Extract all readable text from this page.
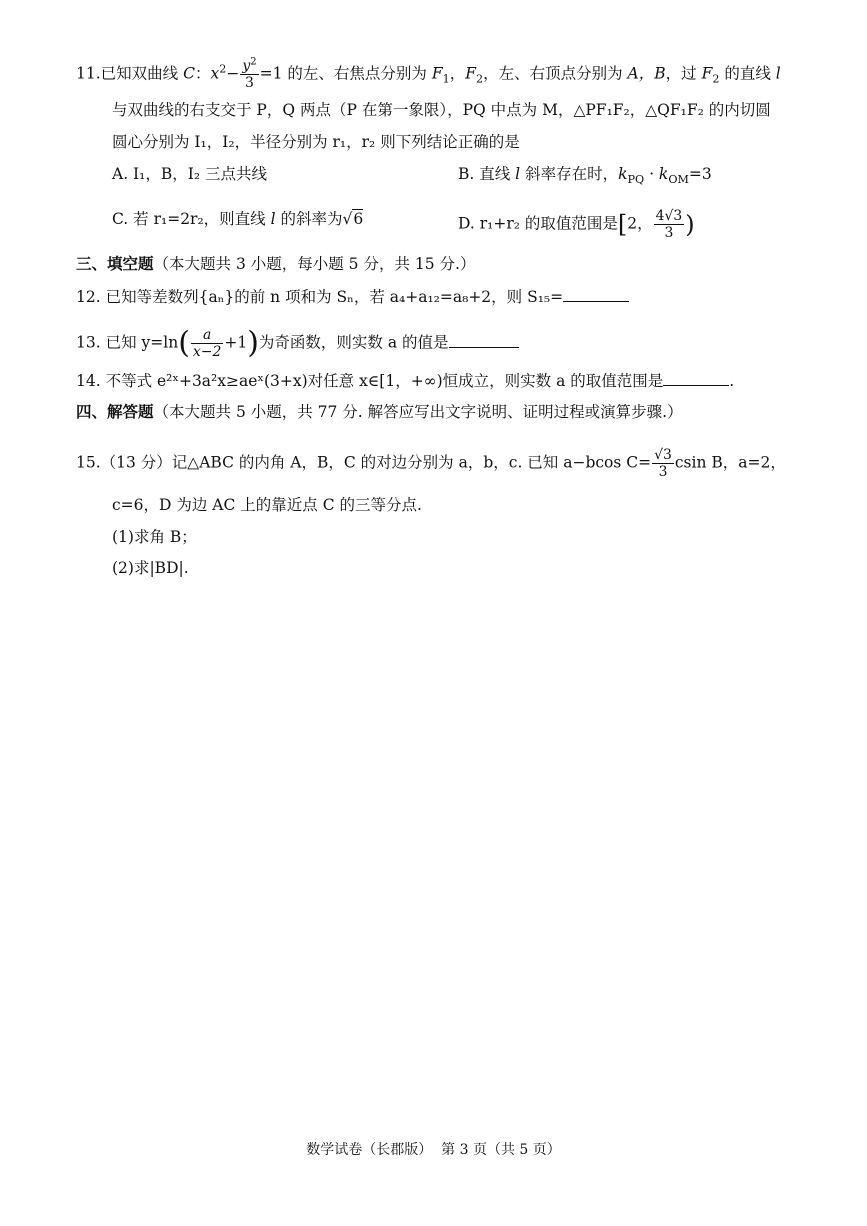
11.已知双曲线 C：$x^2- \frac{y^2}{3} =1$ 的左、右焦点分别为 $F_1$，$F_2$，左、右顶点分别为 A，B，过 $F_2$ 的直线 l
与双曲线的右支交于 P，Q 两点（P 在第一象限），PQ 中点为 M，△PF₁F₂，△QF₁F₂ 的内切圆
圆心分别为 I₁，I₂，半径分别为 r₁，r₂ 则下列结论正确的是
A. I₁，B，I₂ 三点共线	B. 直线 l 斜率存在时，$k_{PQ} \cdot k_{OM}=3$
C. 若 r₁=2r₂，则直线 l 的斜率为√6	D. r₁+r₂ 的取值范围是[2， $\frac{4√3}{3}$ )
三、填空题（本大题共 3 小题，每小题 5 分，共 15 分.）
12. 已知等差数列{aₙ}的前 n 项和为 Sₙ，若 a₄+a₁₂=a₈+2，则 S₁₅=
13. 已知 $y=\ln( \frac{a}{x-2} +1)$为奇函数，则实数 a 的值是
14. 不等式 e²ˣ+3a²x≥aeˣ(3+x)对任意 x∈[1，+∞)恒成立，则实数 a 的取值范围是	.
四、解答题（本大题共 5 小题，共 77 分. 解答应写出文字说明、证明过程或演算步骤.）
15.（13 分）记△ABC 的内角 A，B，C 的对边分别为 a，b，c. 已知 a−bcos $C= \frac{√3}{3}$ csin B，a=2，
c=6，D 为边 AC 上的靠近点 C 的三等分点.
(1)求角 B；
(2)求|BD|.
数学试卷（长郡版）  第 3 页（共 5 页）
